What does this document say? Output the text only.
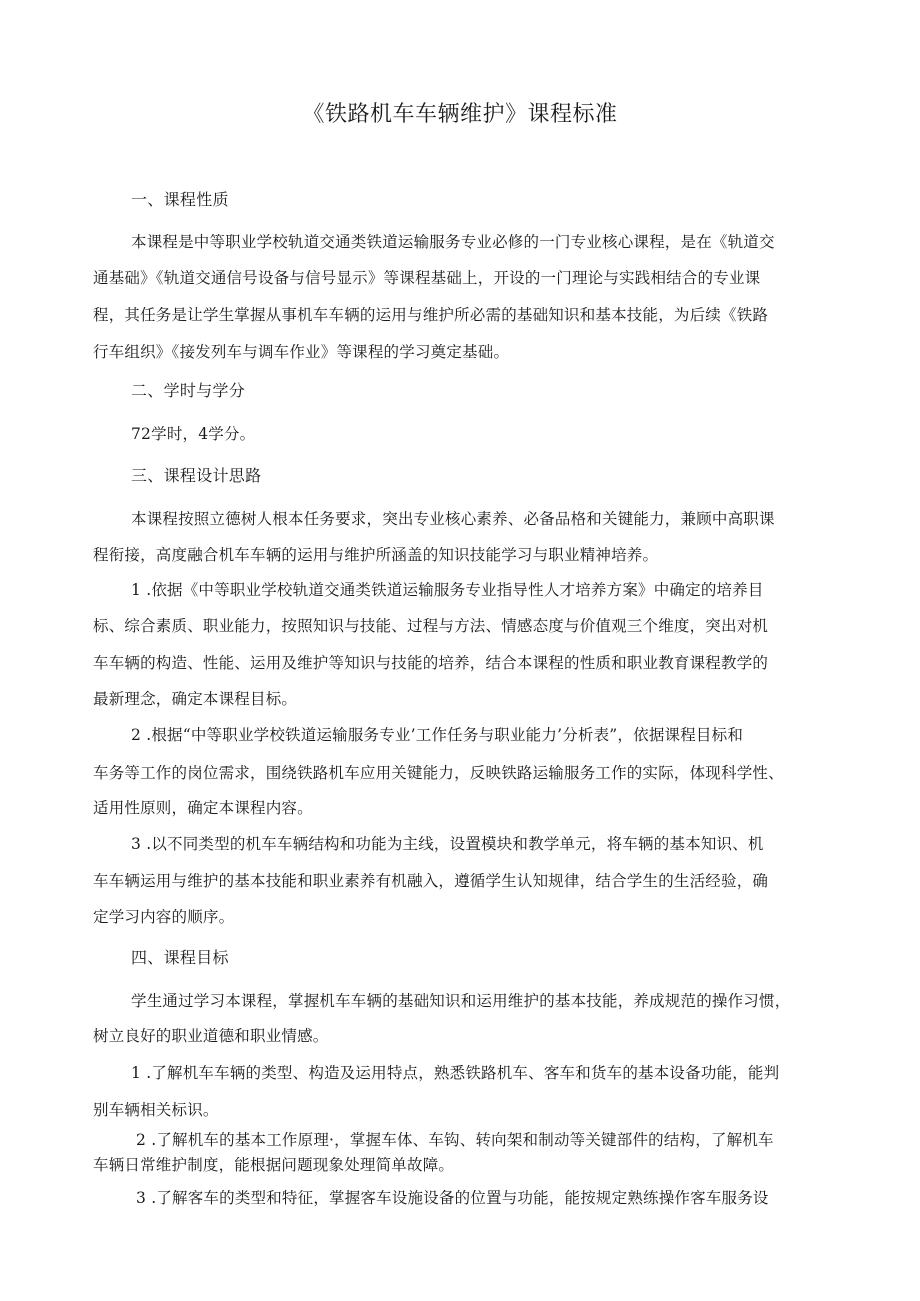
《铁路机车车辆维护》课程标准
一、课程性质
本课程是中等职业学校轨道交通类铁道运输服务专业必修的一门专业核心课程，是在《轨道交
通基础》《轨道交通信号设备与信号显示》等课程基础上，开设的一门理论与实践相结合的专业课
程，其任务是让学生掌握从事机车车辆的运用与维护所必需的基础知识和基本技能，为后续《铁路
行车组织》《接发列车与调车作业》等课程的学习奠定基础。
二、学时与学分
72学时，4学分。
三、课程设计思路
本课程按照立德树人根本任务要求，突出专业核心素养、必备品格和关键能力，兼顾中高职课
程衔接，高度融合机车车辆的运用与维护所涵盖的知识技能学习与职业精神培养。
1 .依据《中等职业学校轨道交通类铁道运输服务专业指导性人才培养方案》中确定的培养目
标、综合素质、职业能力，按照知识与技能、过程与方法、情感态度与价值观三个维度，突出对机
车车辆的构造、性能、运用及维护等知识与技能的培养，结合本课程的性质和职业教育课程教学的
最新理念，确定本课程目标。
2 .根据“中等职业学校铁道运输服务专业’工作任务与职业能力’分析表”，依据课程目标和
车务等工作的岗位需求，围绕铁路机车应用关键能力，反映铁路运输服务工作的实际，体现科学性、
适用性原则，确定本课程内容。
3 .以不同类型的机车车辆结构和功能为主线，设置模块和教学单元，将车辆的基本知识、机
车车辆运用与维护的基本技能和职业素养有机融入，遵循学生认知规律，结合学生的生活经验，确
定学习内容的顺序。
四、课程目标
学生通过学习本课程，掌握机车车辆的基础知识和运用维护的基本技能，养成规范的操作习惯，
树立良好的职业道德和职业情感。
1 .了解机车车辆的类型、构造及运用特点，熟悉铁路机车、客车和货车的基本设备功能，能判
别车辆相关标识。
2 .了解机车的基本工作原理·，掌握车体、车钩、转向架和制动等关键部件的结构，了解机车
车辆日常维护制度，能根据问题现象处理简单故障。
3 .了解客车的类型和特征，掌握客车设施设备的位置与功能，能按规定熟练操作客车服务设
